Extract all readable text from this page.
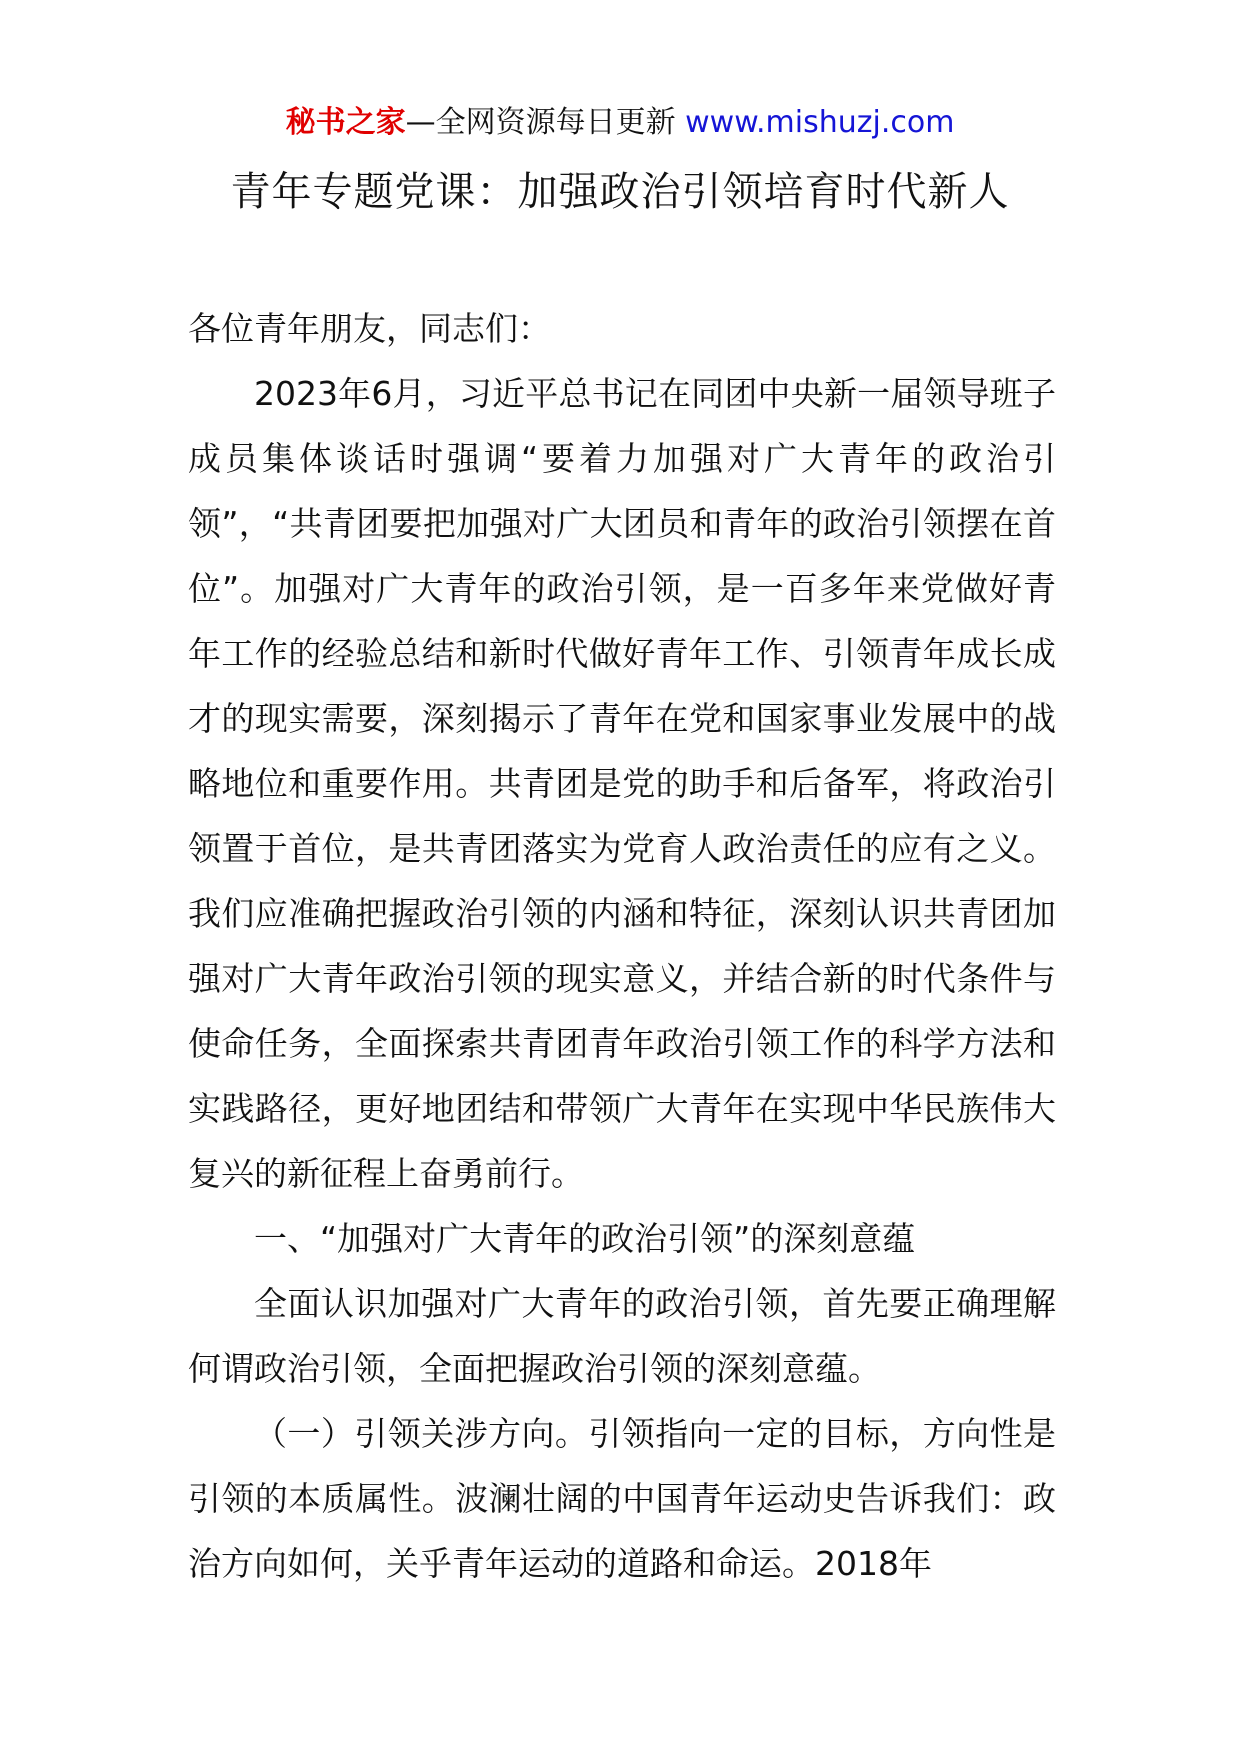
秘书之家—全网资源每日更新 www.mishuzj.com
青年专题党课：加强政治引领培育时代新人

各位青年朋友，同志们：

2023年6月，习近平总书记在同团中央新一届领导班子成员集体谈话时强调“要着力加强对广大青年的政治引领”，“共青团要把加强对广大团员和青年的政治引领摆在首位”。加强对广大青年的政治引领，是一百多年来党做好青年工作的经验总结和新时代做好青年工作、引领青年成长成才的现实需要，深刻揭示了青年在党和国家事业发展中的战略地位和重要作用。共青团是党的助手和后备军，将政治引领置于首位，是共青团落实为党育人政治责任的应有之义。我们应准确把握政治引领的内涵和特征，深刻认识共青团加强对广大青年政治引领的现实意义，并结合新的时代条件与使命任务，全面探索共青团青年政治引领工作的科学方法和实践路径，更好地团结和带领广大青年在实现中华民族伟大复兴的新征程上奋勇前行。

一、“加强对广大青年的政治引领”的深刻意蕴

全面认识加强对广大青年的政治引领，首先要正确理解何谓政治引领，全面把握政治引领的深刻意蕴。

（一）引领关涉方向。引领指向一定的目标，方向性是引领的本质属性。波澜壮阔的中国青年运动史告诉我们：政治方向如何，关乎青年运动的道路和命运。2018年
